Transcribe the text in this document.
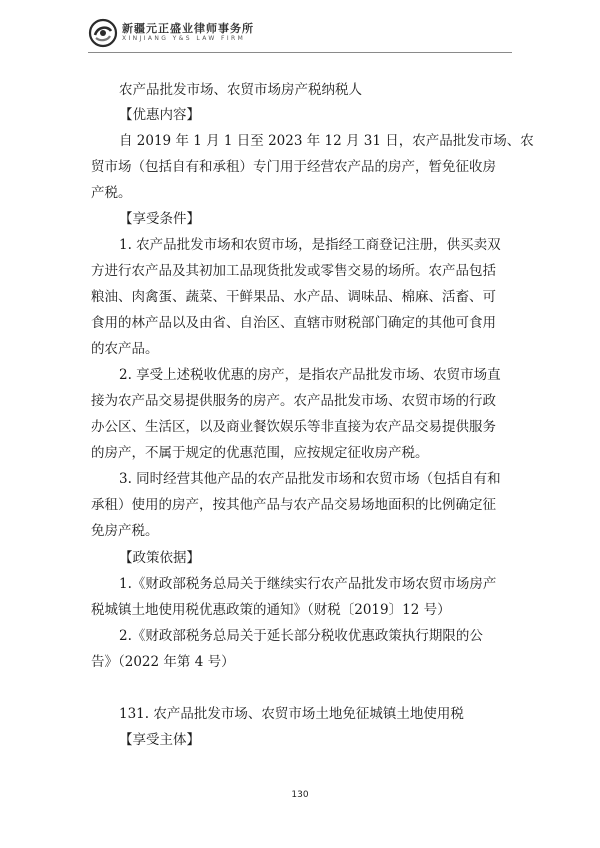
新疆元正盛业律师事务所
XINJIANG Y&S LAW FIRM
农产品批发市场、农贸市场房产税纳税人
【优惠内容】
自 2019 年 1 月 1 日至 2023 年 12 月 31 日，农产品批发市场、农
贸市场（包括自有和承租）专门用于经营农产品的房产，暂免征收房
产税。
【享受条件】
1. 农产品批发市场和农贸市场，是指经工商登记注册，供买卖双
方进行农产品及其初加工品现货批发或零售交易的场所。农产品包括
粮油、肉禽蛋、蔬菜、干鲜果品、水产品、调味品、棉麻、活畜、可
食用的林产品以及由省、自治区、直辖市财税部门确定的其他可食用
的农产品。
2. 享受上述税收优惠的房产，是指农产品批发市场、农贸市场直
接为农产品交易提供服务的房产。农产品批发市场、农贸市场的行政
办公区、生活区，以及商业餐饮娱乐等非直接为农产品交易提供服务
的房产，不属于规定的优惠范围，应按规定征收房产税。
3. 同时经营其他产品的农产品批发市场和农贸市场（包括自有和
承租）使用的房产，按其他产品与农产品交易场地面积的比例确定征
免房产税。
【政策依据】
1.《财政部税务总局关于继续实行农产品批发市场农贸市场房产
税城镇土地使用税优惠政策的通知》（财税〔2019〕12 号）
2.《财政部税务总局关于延长部分税收优惠政策执行期限的公
告》（2022 年第 4 号）
131. 农产品批发市场、农贸市场土地免征城镇土地使用税
【享受主体】
130
